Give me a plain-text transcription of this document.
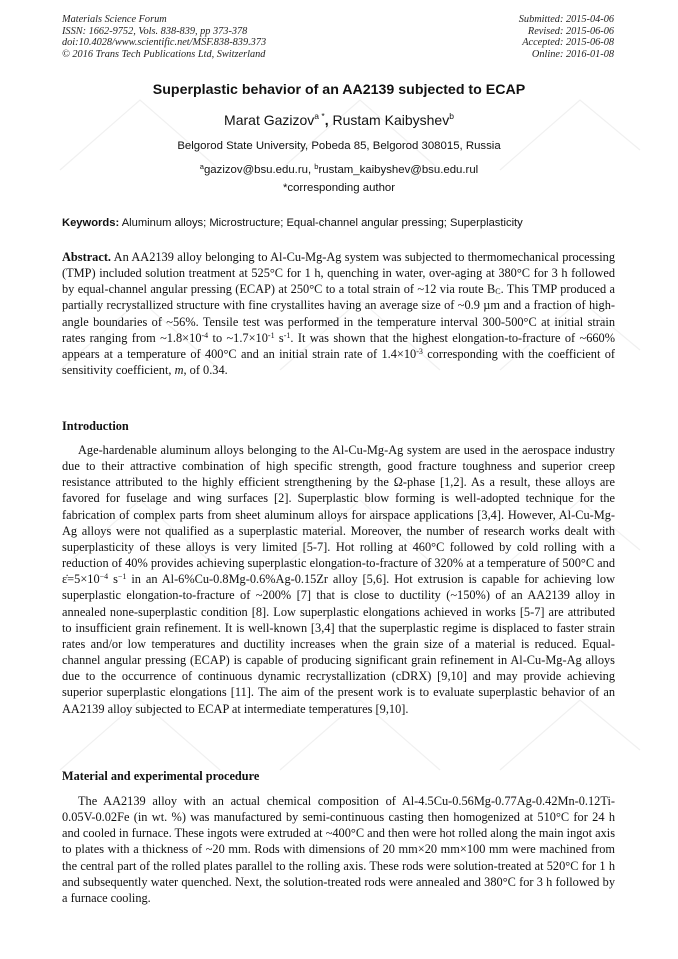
Materials Science Forum
ISSN: 1662-9752, Vols. 838-839, pp 373-378
doi:10.4028/www.scientific.net/MSF.838-839.373
© 2016 Trans Tech Publications Ltd, Switzerland
Submitted: 2015-04-06
Revised: 2015-06-06
Accepted: 2015-06-08
Online: 2016-01-08
Superplastic behavior of an AA2139 subjected to ECAP
Marat Gazizov$^{a *}$, Rustam Kaibyshev$^b$
Belgorod State University, Pobeda 85, Belgorod 308015, Russia
$^a$gazizov@bsu.edu.ru, $^b$rustam_kaibyshev@bsu.edu.rul
*corresponding author
Keywords: Aluminum alloys; Microstructure; Equal-channel angular pressing; Superplasticity
Abstract. An AA2139 alloy belonging to Al-Cu-Mg-Ag system was subjected to thermomechanical processing (TMP) included solution treatment at 525°C for 1 h, quenching in water, over-aging at 380°C for 3 h followed by equal-channel angular pressing (ECAP) at 250°C to a total strain of ~12 via route $B_C$. This TMP produced a partially recrystallized structure with fine crystallites having an average size of ~0.9 µm and a fraction of high-angle boundaries of ~56%. Tensile test was performed in the temperature interval 300-500°C at initial strain rates ranging from $\sim 1.8\times 10^{-4}$ to $\sim 1.7\times 10^{-1}$ $s^{-1}$. It was shown that the highest elongation-to-fracture of ~660% appears at a temperature of 400°C and an initial strain rate of $1.4\times 10^{-3}$ corresponding with the coefficient of sensitivity coefficient, m, of 0.34.
Introduction
Age-hardenable aluminum alloys belonging to the Al-Cu-Mg-Ag system are used in the aerospace industry due to their attractive combination of high specific strength, good fracture toughness and superior creep resistance attributed to the highly efficient strengthening by the Ω-phase [1,2]. As a result, these alloys are favored for fuselage and wing surfaces [2]. Superplastic blow forming is well-adopted technique for the fabrication of complex parts from sheet aluminum alloys for airspace applications [3,4]. However, Al-Cu-Mg-Ag alloys were not qualified as a superplastic material. Moreover, the number of research works dealt with superplasticity of these alloys is very limited [5-7]. Hot rolling at 460°C followed by cold rolling with a reduction of 40% provides achieving superplastic elongation-to-fracture of 320% at a temperature of 500°C and $\varepsiloṅ=5\times 10^{-4}$ $s^{-1}$ in an Al-6%Cu-0.8Mg-0.6%Ag-0.15Zr alloy [5,6]. Hot extrusion is capable for achieving low superplastic elongation-to-fracture of ~200% [7] that is close to ductility (~150%) of an AA2139 alloy in annealed none-superplastic condition [8]. Low superplastic elongations achieved in works [5-7] are attributed to insufficient grain refinement. It is well-known [3,4] that the superplastic regime is displaced to faster strain rates and/or low temperatures and ductility increases when the grain size of a material is reduced. Equal-channel angular pressing (ECAP) is capable of producing significant grain refinement in Al-Cu-Mg-Ag alloys due to the occurrence of continuous dynamic recrystallization (cDRX) [9,10] and may provide achieving superior superplastic elongations [11]. The aim of the present work is to evaluate superplastic behavior of an AA2139 alloy subjected to ECAP at intermediate temperatures [9,10].
Material and experimental procedure
The AA2139 alloy with an actual chemical composition of Al-4.5Cu-0.56Mg-0.77Ag-0.42Mn-0.12Ti-0.05V-0.02Fe (in wt. %) was manufactured by semi-continuous casting then homogenized at 510°C for 24 h and cooled in furnace. These ingots were extruded at ~400°C and then were hot rolled along the main ingot axis to plates with a thickness of ~20 mm. Rods with dimensions of 20 mm×20 mm×100 mm were machined from the central part of the rolled plates parallel to the rolling axis. These rods were solution-treated at 520°C for 1 h and subsequently water quenched. Next, the solution-treated rods were annealed and 380°C for 3 h followed by a furnace cooling.
